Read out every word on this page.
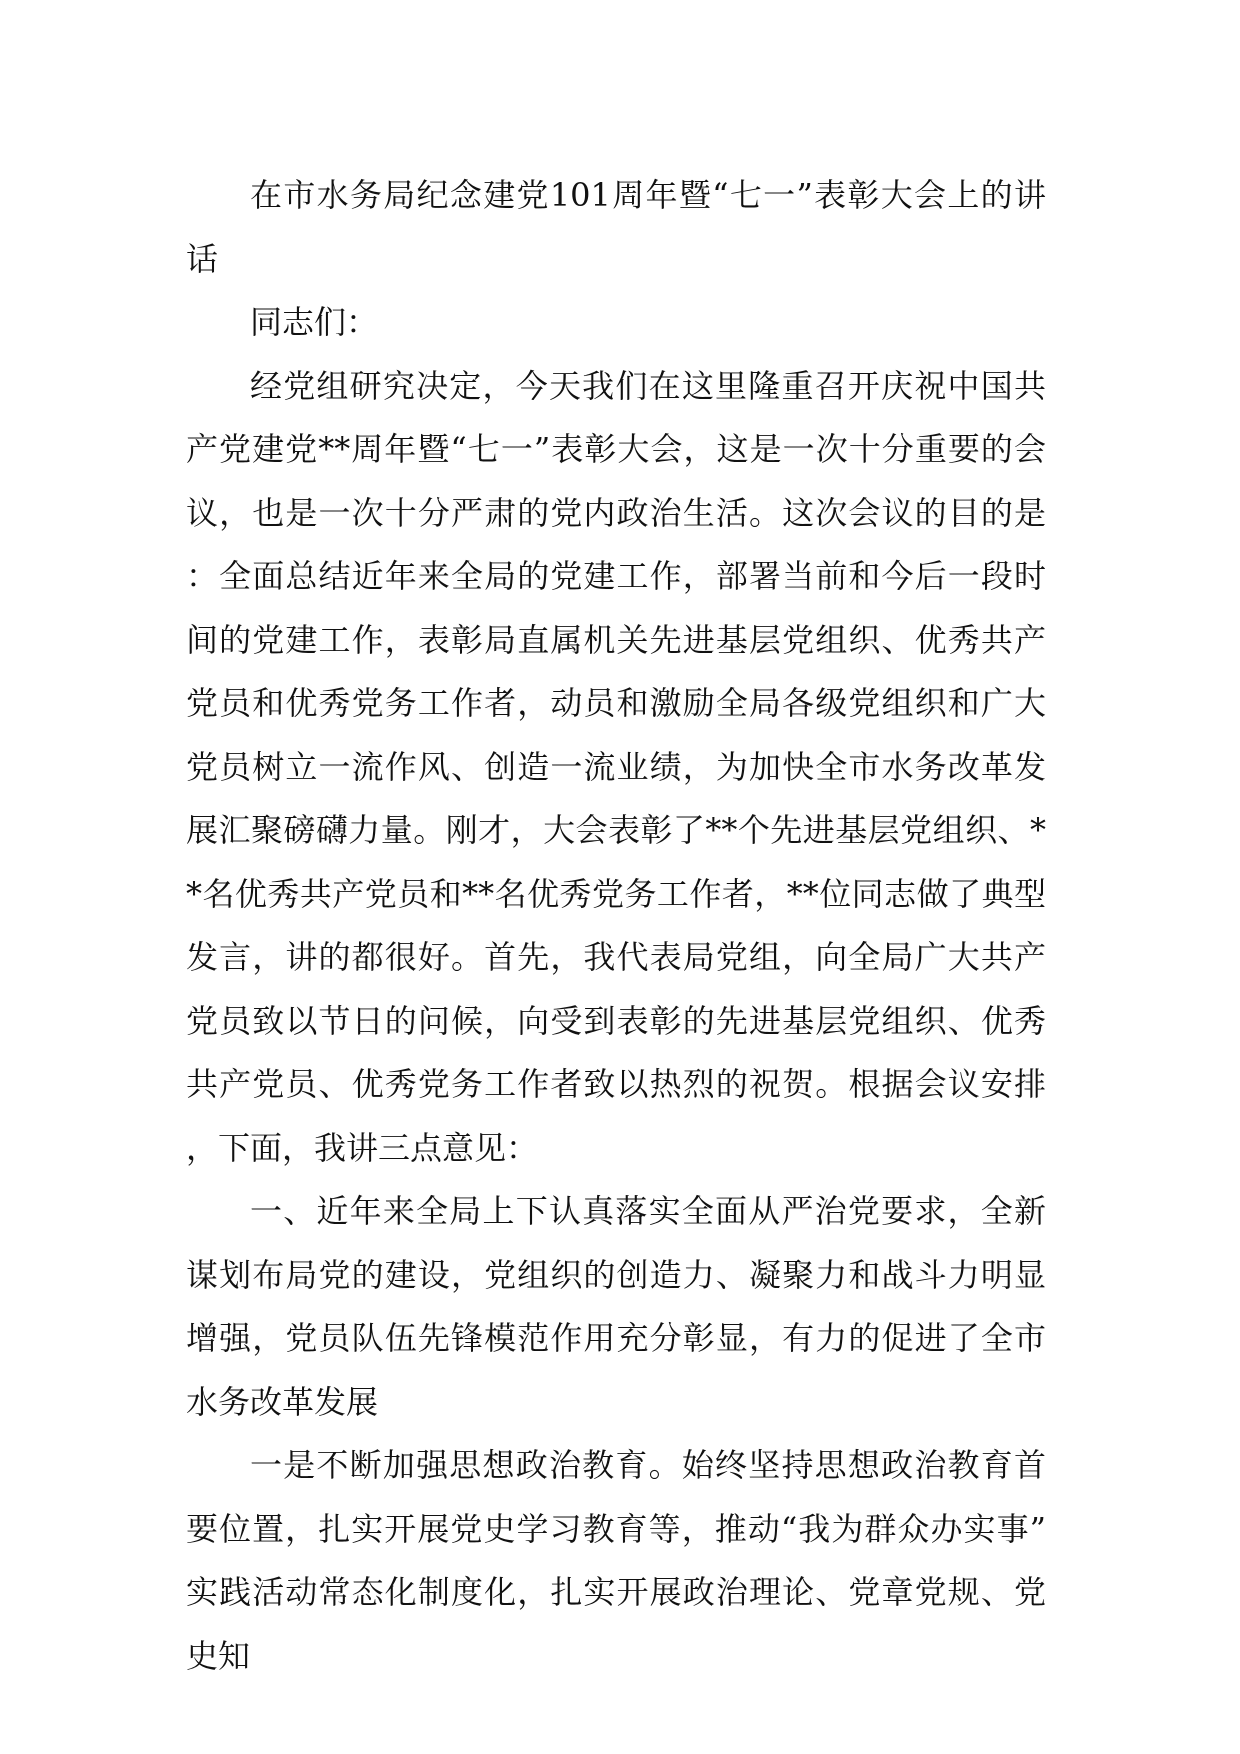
在市水务局纪念建党101周年暨“七一”表彰大会上的讲话

同志们：

经党组研究决定，今天我们在这里隆重召开庆祝中国共产党建党**周年暨“七一”表彰大会，这是一次十分重要的会议，也是一次十分严肃的党内政治生活。这次会议的目的是：全面总结近年来全局的党建工作，部署当前和今后一段时间的党建工作，表彰局直属机关先进基层党组织、优秀共产党员和优秀党务工作者，动员和激励全局各级党组织和广大党员树立一流作风、创造一流业绩，为加快全市水务改革发展汇聚磅礴力量。刚才，大会表彰了**个先进基层党组织、**名优秀共产党员和**名优秀党务工作者，**位同志做了典型发言，讲的都很好。首先，我代表局党组，向全局广大共产党员致以节日的问候，向受到表彰的先进基层党组织、优秀共产党员、优秀党务工作者致以热烈的祝贺。根据会议安排，下面，我讲三点意见：

一、近年来全局上下认真落实全面从严治党要求，全新谋划布局党的建设，党组织的创造力、凝聚力和战斗力明显增强，党员队伍先锋模范作用充分彰显，有力的促进了全市水务改革发展

一是不断加强思想政治教育。始终坚持思想政治教育首要位置，扎实开展党史学习教育等，推动“我为群众办实事”实践活动常态化制度化，扎实开展政治理论、党章党规、党史知
